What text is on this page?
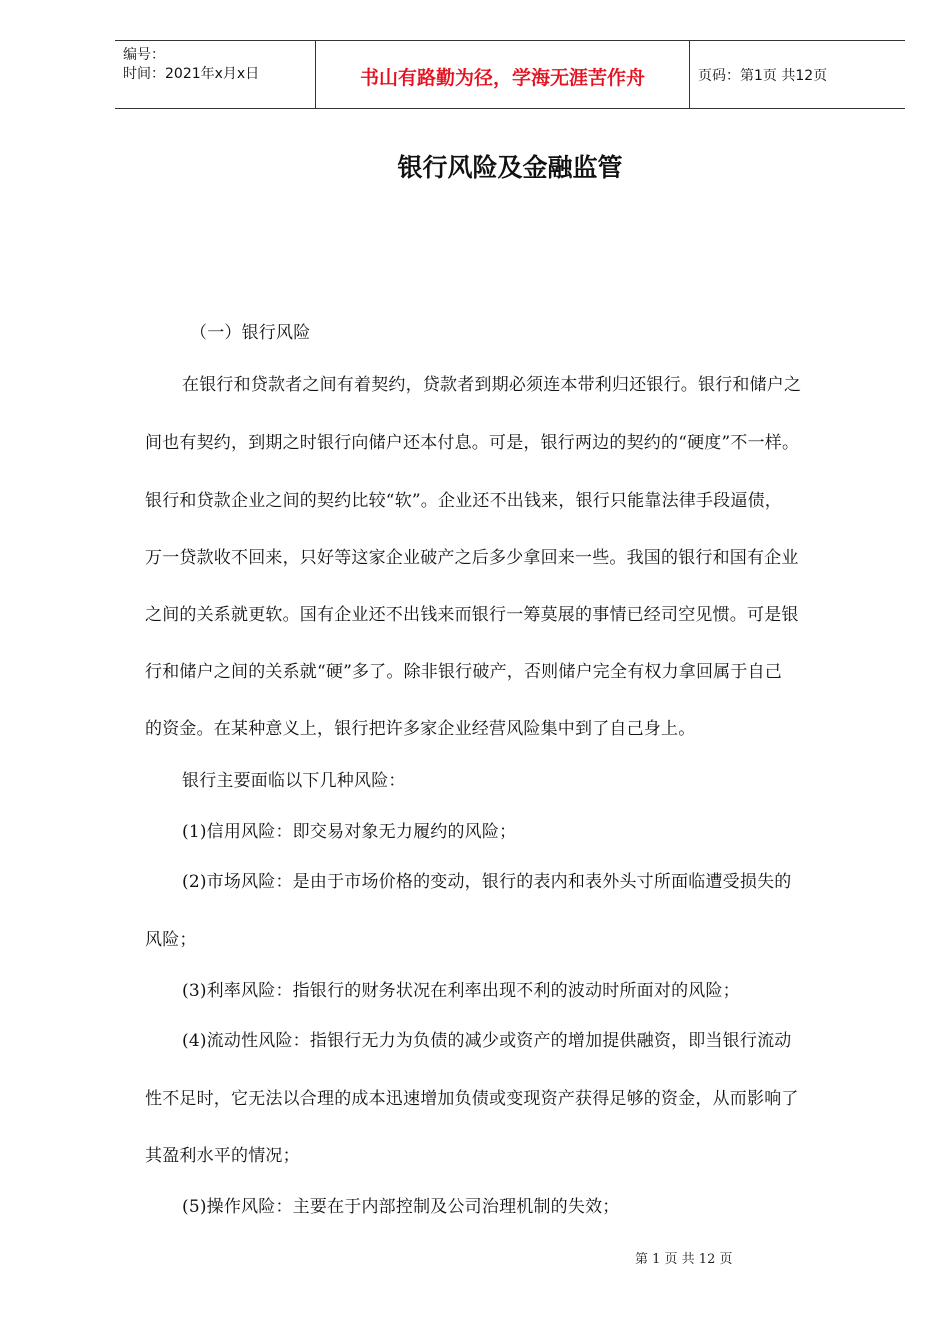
编号：
时间：2021年x月x日	书山有路勤为径，学海无涯苦作舟	页码：第1页 共12页
银行风险及金融监管
（一）银行风险
在银行和贷款者之间有着契约，贷款者到期必须连本带利归还银行。银行和储户之
间也有契约，到期之时银行向储户还本付息。可是，银行两边的契约的“硬度”不一样。
银行和贷款企业之间的契约比较“软”。企业还不出钱来，银行只能靠法律手段逼债，
万一贷款收不回来，只好等这家企业破产之后多少拿回来一些。我国的银行和国有企业
之间的关系就更软。国有企业还不出钱来而银行一筹莫展的事情已经司空见惯。可是银
行和储户之间的关系就“硬”多了。除非银行破产，否则储户完全有权力拿回属于自己
的资金。在某种意义上，银行把许多家企业经营风险集中到了自己身上。
银行主要面临以下几种风险：
(1)信用风险：即交易对象无力履约的风险；
(2)市场风险：是由于市场价格的变动，银行的表内和表外头寸所面临遭受损失的
风险；
(3)利率风险：指银行的财务状况在利率出现不利的波动时所面对的风险；
(4)流动性风险：指银行无力为负债的减少或资产的增加提供融资，即当银行流动
性不足时，它无法以合理的成本迅速增加负债或变现资产获得足够的资金，从而影响了
其盈利水平的情况；
(5)操作风险：主要在于内部控制及公司治理机制的失效；
第 1 页 共 12 页
